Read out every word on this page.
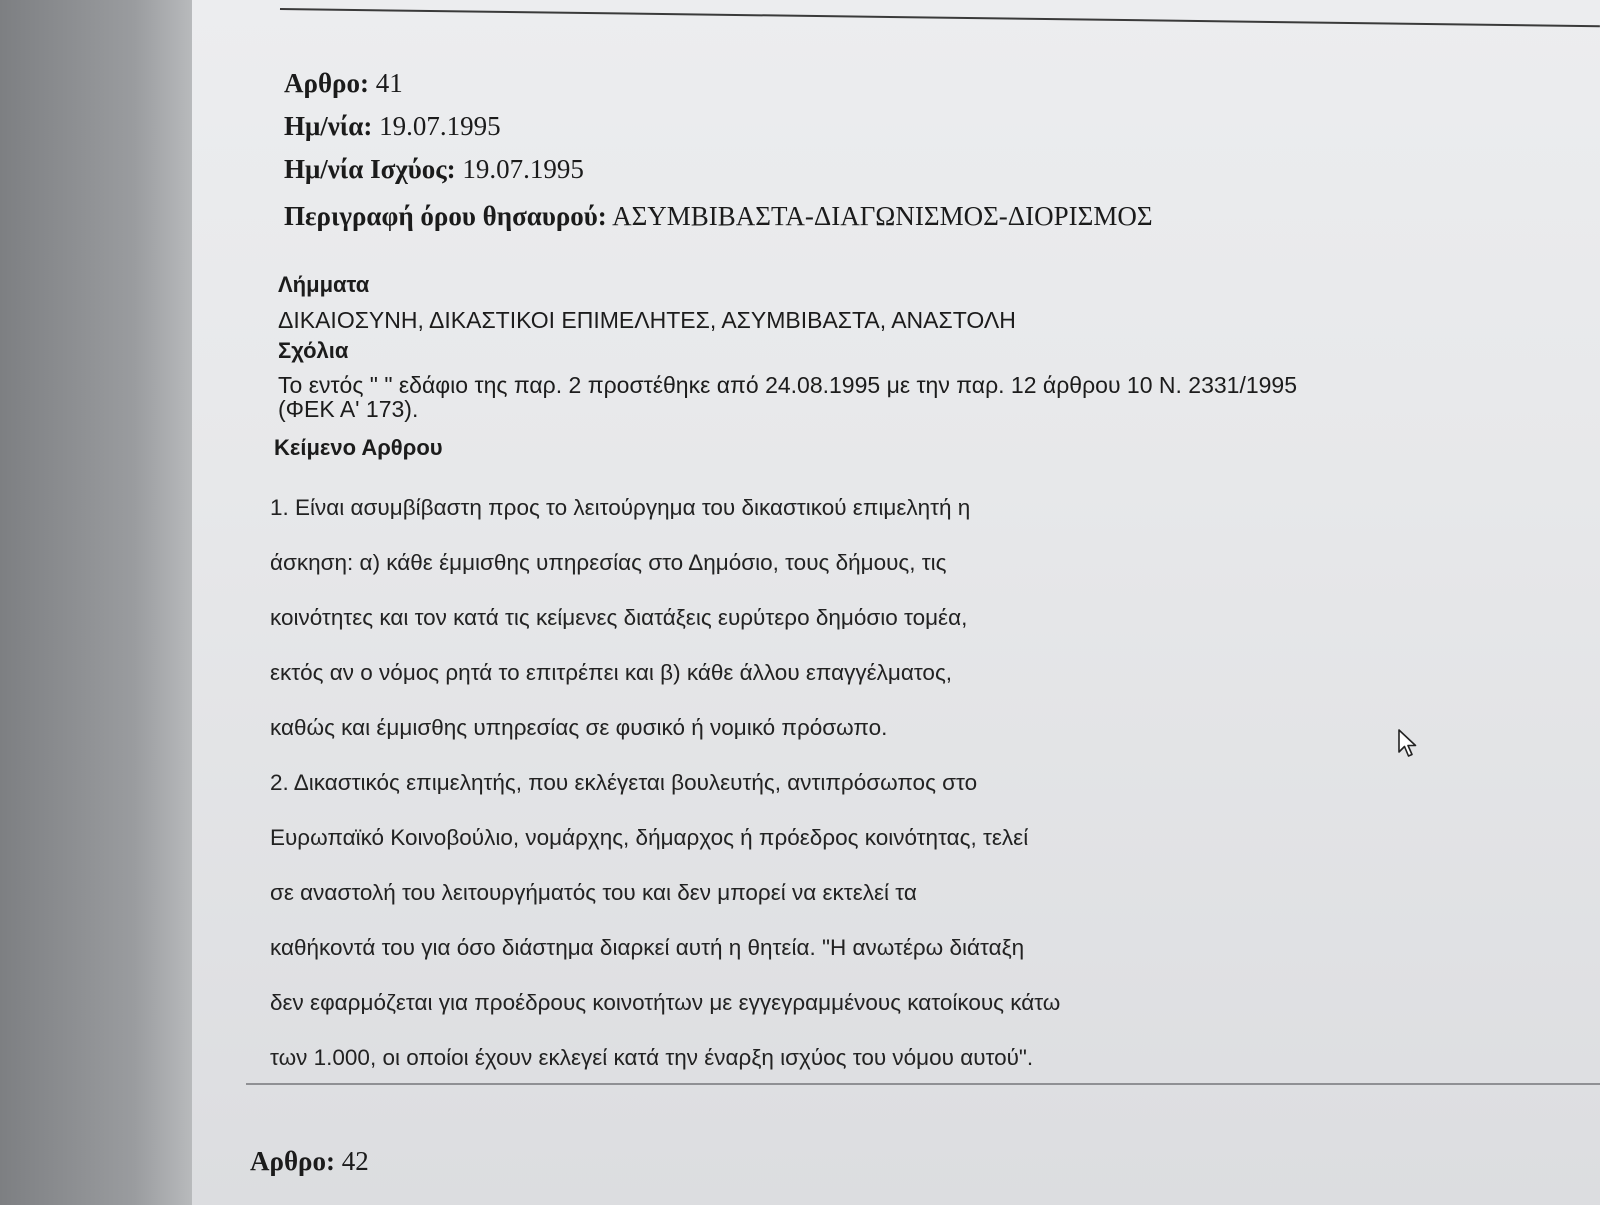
Αρθρο: 41
Ημ/νία: 19.07.1995
Ημ/νία Ισχύος: 19.07.1995
Περιγραφή όρου θησαυρού: ΑΣΥΜΒΙΒΑΣΤΑ-ΔΙΑΓΩΝΙΣΜΟΣ-ΔΙΟΡΙΣΜΟΣ
Λήμματα
ΔΙΚΑΙΟΣΥΝΗ, ΔΙΚΑΣΤΙΚΟΙ ΕΠΙΜΕΛΗΤΕΣ, ΑΣΥΜΒΙΒΑΣΤΑ, ΑΝΑΣΤΟΛΗ
Σχόλια
Το εντός " " εδάφιο της παρ. 2 προστέθηκε από 24.08.1995 με την παρ. 12 άρθρου 10 Ν. 2331/1995
(ΦΕΚ Α' 173).
Κείμενο Αρθρου
1. Είναι ασυμβίβαστη προς το λειτούργημα του δικαστικού επιμελητή η
άσκηση: α) κάθε έμμισθης υπηρεσίας στο Δημόσιο, τους δήμους, τις
κοινότητες και τον κατά τις κείμενες διατάξεις ευρύτερο δημόσιο τομέα,
εκτός αν ο νόμος ρητά το επιτρέπει και β) κάθε άλλου επαγγέλματος,
καθώς και έμμισθης υπηρεσίας σε φυσικό ή νομικό πρόσωπο.
2. Δικαστικός επιμελητής, που εκλέγεται βουλευτής, αντιπρόσωπος στο
Ευρωπαϊκό Κοινοβούλιο, νομάρχης, δήμαρχος ή πρόεδρος κοινότητας, τελεί
σε αναστολή του λειτουργήματός του και δεν μπορεί να εκτελεί τα
καθήκοντά του για όσο διάστημα διαρκεί αυτή η θητεία. "Η ανωτέρω διάταξη
δεν εφαρμόζεται για προέδρους κοινοτήτων με εγγεγραμμένους κατοίκους κάτω
των 1.000, οι οποίοι έχουν εκλεγεί κατά την έναρξη ισχύος του νόμου αυτού".
Αρθρο: 42
